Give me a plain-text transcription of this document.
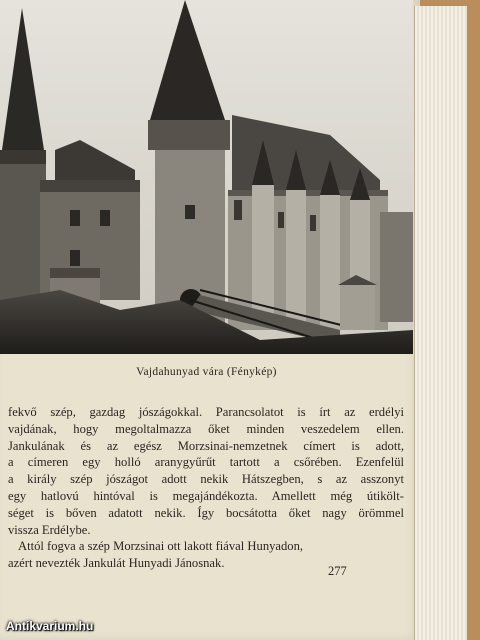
Vajdahunyad vára (Fénykép)
fekvő szép, gazdag jószágokkal. Parancsolatot is írt az erdélyi
vajdának, hogy megoltalmazza őket minden veszedelem ellen.
Jankulának és az egész Morzsinai-nemzetnek címert is adott,
a címeren egy holló aranygyűrűt tartott a csőrében. Ezenfelül
a király szép jószágot adott nekik Hátszegben, s az asszonyt
egy hatlovú hintóval is megajándékozta. Amellett még útikölt-
séget is bőven adatott nekik. Így bocsátotta őket nagy örömmel
vissza Erdélybe.
Attól fogva a szép Morzsinai ott lakott fiával Hunyadon,
azért nevezték Jankulát Hunyadi Jánosnak.
277
Antikvarium.hu
